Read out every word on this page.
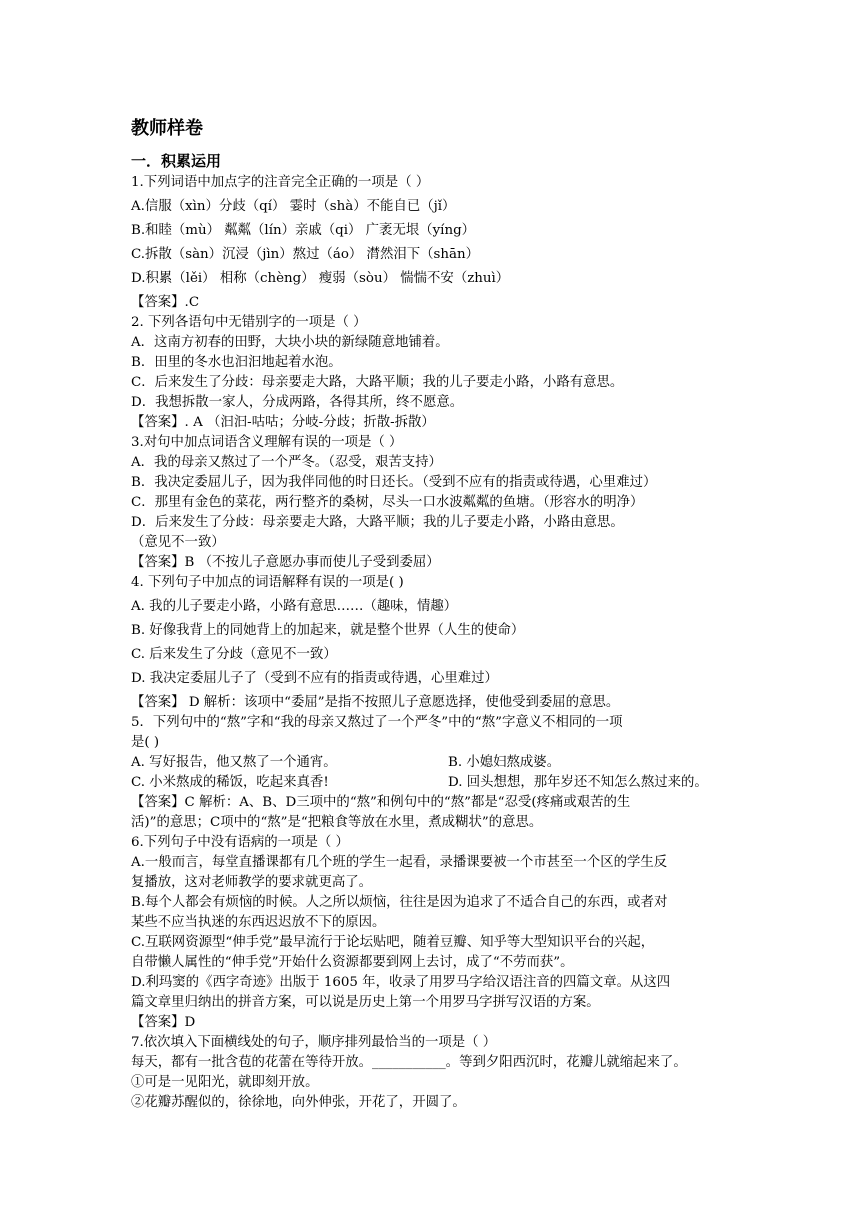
教师样卷
一．积累运用
1.下列词语中加点字的注音完全正确的一项是（ ）
A.信服（xìn）分歧（qí） 霎时（shà）不能自已（jǐ）
B.和睦（mù） 粼粼（lín）亲戚（qi） 广袤无垠（yíng）
C.拆散（sàn）沉浸（jìn）熬过（áo） 潸然泪下（shān）
D.积累（lěi） 相称（chèng） 瘦弱（sòu） 惴惴不安（zhuì）
【答案】.C
2. 下列各语句中无错别字的一项是（ ）
A．这南方初春的田野，大块小块的新绿随意地铺着。
B．田里的冬水也汩汩地起着水泡。
C．后来发生了分歧：母亲要走大路，大路平顺；我的儿子要走小路，小路有意思。
D．我想拆散一家人，分成两路，各得其所，终不愿意。
【答案】. A （汩汩-咕咕；分岐-分歧；折散-拆散）
3.对句中加点词语含义理解有误的一项是（ ）
A．我的母亲又熬过了一个严冬。（忍受，艰苦支持）
B．我决定委屈儿子，因为我伴同他的时日还长。（受到不应有的指责或待遇，心里难过）
C．那里有金色的菜花，两行整齐的桑树，尽头一口水波粼粼的鱼塘。（形容水的明净）
D．后来发生了分歧：母亲要走大路，大路平顺；我的儿子要走小路，小路由意思。
（意见不一致）
【答案】B （不按儿子意愿办事而使儿子受到委屈）
4. 下列句子中加点的词语解释有误的一项是( )
A. 我的儿子要走小路，小路有意思……（趣味，情趣）
B. 好像我背上的同她背上的加起来，就是整个世界（人生的使命）
C. 后来发生了分歧（意见不一致）
D. 我决定委屈儿子了（受到不应有的指责或待遇，心里难过）
【答案】 D 解析：该项中“委屈”是指不按照儿子意愿选择，使他受到委屈的意思。
5．下列句中的“熬”字和“我的母亲又熬过了一个严冬”中的“熬”字意义不相同的一项
是( )
A. 写好报告，他又熬了一个通宵。	B. 小媳妇熬成婆。
C. 小米熬成的稀饭，吃起来真香!	D. 回头想想，那年岁还不知怎么熬过来的。
【答案】C 解析：A、B、D三项中的“熬”和例句中的“熬”都是“忍受(疼痛或艰苦的生
活)”的意思；C项中的“熬”是“把粮食等放在水里，煮成糊状”的意思。
6.下列句子中没有语病的一项是（ ）
A.一般而言，每堂直播课都有几个班的学生一起看，录播课要被一个市甚至一个区的学生反
复播放，这对老师教学的要求就更高了。
B.每个人都会有烦恼的时候。人之所以烦恼，往往是因为追求了不适合自己的东西，或者对
某些不应当执迷的东西迟迟放不下的原因。
C.互联网资源型“伸手党”最早流行于论坛贴吧，随着豆瓣、知乎等大型知识平台的兴起，
自带懒人属性的“伸手党”开始什么资源都要到网上去讨，成了“不劳而获”。
D.利玛窦的《西字奇迹》出版于 1605 年，收录了用罗马字给汉语注音的四篇文章。从这四
篇文章里归纳出的拼音方案，可以说是历史上第一个用罗马字拼写汉语的方案。
【答案】D
7.依次填入下面横线处的句子，顺序排列最恰当的一项是（ ）
每天，都有一批含苞的花蕾在等待开放。___________。等到夕阳西沉时，花瓣儿就缩起来了。
①可是一见阳光，就即刻开放。
②花瓣苏醒似的，徐徐地，向外伸张，开花了，开圆了。
